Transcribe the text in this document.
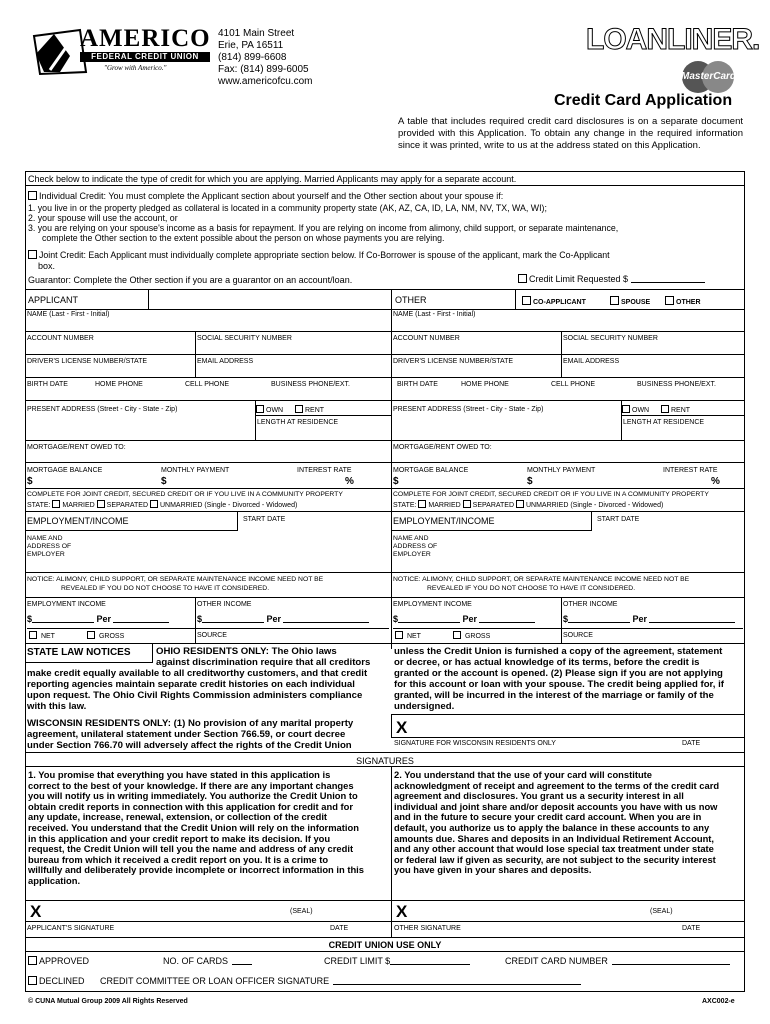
AMERICO
FEDERAL CREDIT UNION
"Grow with Americo."
4101 Main Street
Erie, PA 16511
(814) 899-6608
Fax: (814) 899-6005
www.americofcu.com
LOANLINER.
MasterCard
Credit Card Application
A table that includes required credit card disclosures is on a separate document provided with this Application. To obtain any change in the required information since it was printed, write to us at the address stated on this Application.
Check below to indicate the type of credit for which you are applying. Married Applicants may apply for a separate account.
Individual Credit: You must complete the Applicant section about yourself and the Other section about your spouse if:
1. you live in or the property pledged as collateral is located in a community property state (AK, AZ, CA, ID, LA, NM, NV, TX, WA, WI);
2. your spouse will use the account, or
3. you are relying on your spouse's income as a basis for repayment. If you are relying on income from alimony, child support, or separate maintenance,
complete the Other section to the extent possible about the person on whose payments you are relying.
Joint Credit: Each Applicant must individually complete appropriate section below. If Co-Borrower is spouse of the applicant, mark the Co-Applicant
box.
Guarantor: Complete the Other section if you are a guarantor on an account/loan.	Credit Limit Requested $
APPLICANT	OTHER	CO-APPLICANT	SPOUSE	OTHER
NAME (Last - First - Initial)
ACCOUNT NUMBER	SOCIAL SECURITY NUMBER
DRIVER'S LICENSE NUMBER/STATE	EMAIL ADDRESS
BIRTH DATE	HOME PHONE	CELL PHONE	BUSINESS PHONE/EXT.
PRESENT ADDRESS (Street - City - State - Zip)	OWN	RENT
LENGTH AT RESIDENCE
MORTGAGE/RENT OWED TO:
MORTGAGE BALANCE	MONTHLY PAYMENT	INTEREST RATE
$	$	%
COMPLETE FOR JOINT CREDIT, SECURED CREDIT OR IF YOU LIVE IN A COMMUNITY PROPERTY
STATE: MARRIED SEPARATED UNMARRIED (Single - Divorced - Widowed)
EMPLOYMENT/INCOME	START DATE
NAME AND
ADDRESS OF
EMPLOYER
NOTICE: ALIMONY, CHILD SUPPORT, OR SEPARATE MAINTENANCE INCOME NEED NOT BE
REVEALED IF YOU DO NOT CHOOSE TO HAVE IT CONSIDERED.
EMPLOYMENT INCOME	OTHER INCOME
$	Per	$	Per
NET	GROSS	SOURCE
NAME (Last - First - Initial)
ACCOUNT NUMBER	SOCIAL SECURITY NUMBER
DRIVER'S LICENSE NUMBER/STATE	EMAIL ADDRESS
BIRTH DATE	HOME PHONE	CELL PHONE	BUSINESS PHONE/EXT.
PRESENT ADDRESS (Street - City - State - Zip)	OWN	RENT
LENGTH AT RESIDENCE
MORTGAGE/RENT OWED TO:
MORTGAGE BALANCE	MONTHLY PAYMENT	INTEREST RATE
$	$	%
COMPLETE FOR JOINT CREDIT, SECURED CREDIT OR IF YOU LIVE IN A COMMUNITY PROPERTY
STATE: MARRIED SEPARATED UNMARRIED (Single - Divorced - Widowed)
EMPLOYMENT/INCOME	START DATE
NAME AND
ADDRESS OF
EMPLOYER
NOTICE: ALIMONY, CHILD SUPPORT, OR SEPARATE MAINTENANCE INCOME NEED NOT BE
REVEALED IF YOU DO NOT CHOOSE TO HAVE IT CONSIDERED.
EMPLOYMENT INCOME	OTHER INCOME
$	Per	$	Per
NET	GROSS	SOURCE
STATE LAW NOTICES	OHIO RESIDENTS ONLY: The Ohio laws
against discrimination require that all creditors
make credit equally available to all creditworthy customers, and that credit
reporting agencies maintain separate credit histories on each individual
upon request. The Ohio Civil Rights Commission administers compliance
with this law.
unless the Credit Union is furnished a copy of the agreement, statement
or decree, or has actual knowledge of its terms, before the credit is
granted or the account is opened. (2) Please sign if you are not applying
for this account or loan with your spouse. The credit being applied for, if
granted, will be incurred in the interest of the marriage or family of the
undersigned.
WISCONSIN RESIDENTS ONLY: (1) No provision of any marital property
agreement, unilateral statement under Section 766.59, or court decree
under Section 766.70 will adversely affect the rights of the Credit Union
X
SIGNATURE FOR WISCONSIN RESIDENTS ONLY	DATE
SIGNATURES
1. You promise that everything you have stated in this application is
correct to the best of your knowledge. If there are any important changes
you will notify us in writing immediately. You authorize the Credit Union to
obtain credit reports in connection with this application for credit and for
any update, increase, renewal, extension, or collection of the credit
received. You understand that the Credit Union will rely on the information
in this application and your credit report to make its decision. If you
request, the Credit Union will tell you the name and address of any credit
bureau from which it received a credit report on you. It is a crime to
willfully and deliberately provide incomplete or incorrect information in this
application.
2. You understand that the use of your card will constitute
acknowledgment of receipt and agreement to the terms of the credit card
agreement and disclosures. You grant us a security interest in all
individual and joint share and/or deposit accounts you have with us now
and in the future to secure your credit card account. When you are in
default, you authorize us to apply the balance in these accounts to any
amounts due. Shares and deposits in an Individual Retirement Account,
and any other account that would lose special tax treatment under state
or federal law if given as security, are not subject to the security interest
you have given in your shares and deposits.
X	(SEAL)
APPLICANT'S SIGNATURE	DATE
X	(SEAL)
OTHER SIGNATURE	DATE
CREDIT UNION USE ONLY
APPROVED	NO. OF CARDS	CREDIT LIMIT $	CREDIT CARD NUMBER
DECLINED CREDIT COMMITTEE OR LOAN OFFICER SIGNATURE
© CUNA Mutual Group 2009 All Rights Reserved	AXC002-e
